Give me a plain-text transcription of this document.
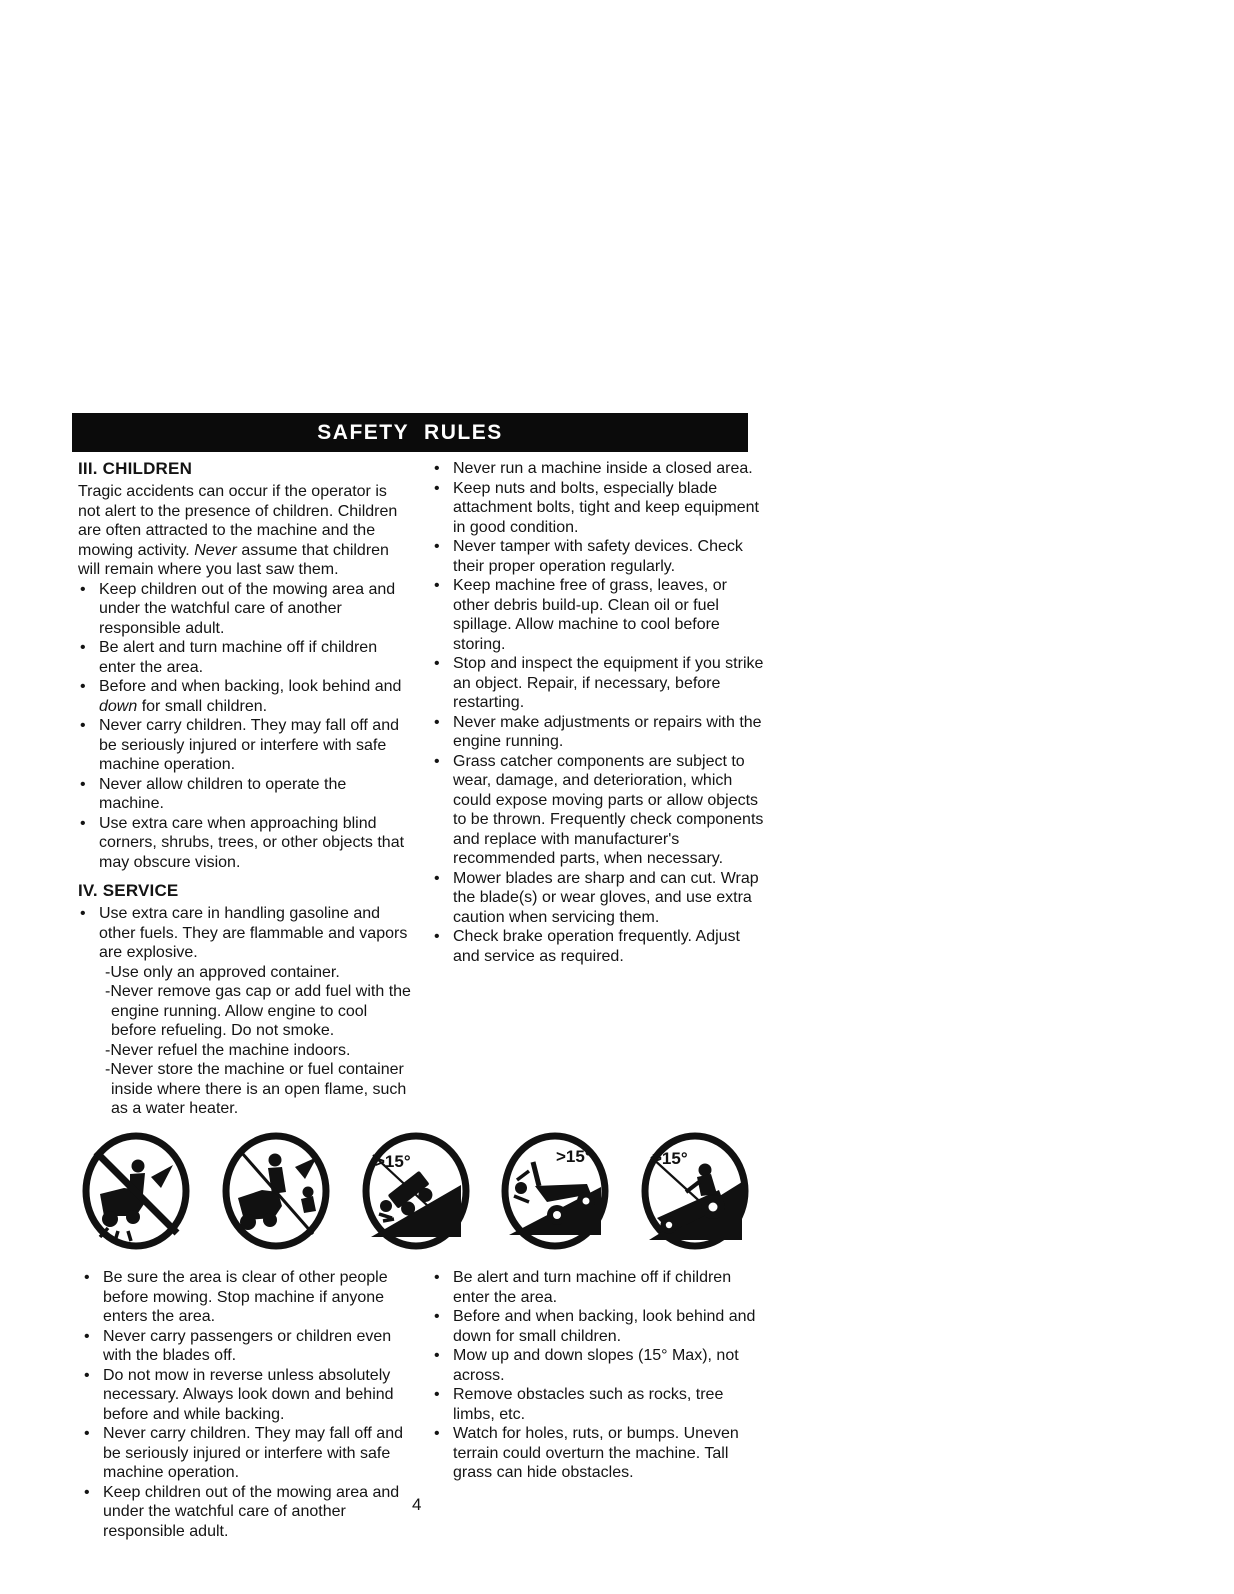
SAFETY RULES
III. CHILDREN

Tragic accidents can occur if the operator is not alert to the presence of children. Children are often attracted to the machine and the mowing activity. Never assume that children will remain where you last saw them.

• Keep children out of the mowing area and under the watchful care of another responsible adult.
• Be alert and turn machine off if children enter the area.
• Before and when backing, look behind and down for small children.
• Never carry children. They may fall off and be seriously injured or interfere with safe machine operation.
• Never allow children to operate the machine.
• Use extra care when approaching blind corners, shrubs, trees, or other objects that may obscure vision.
IV. SERVICE
• Use extra care in handling gasoline and other fuels. They are flammable and vapors are explosive.
-Use only an approved container.
-Never remove gas cap or add fuel with the engine running. Allow engine to cool before refueling. Do not smoke.
-Never refuel the machine indoors.
-Never store the machine or fuel container inside where there is an open flame, such as a water heater.
• Never run a machine inside a closed area.
• Keep nuts and bolts, especially blade attachment bolts, tight and keep equipment in good condition.
• Never tamper with safety devices. Check their proper operation regularly.
• Keep machine free of grass, leaves, or other debris build-up. Clean oil or fuel spillage. Allow machine to cool before storing.
• Stop and inspect the equipment if you strike an object. Repair, if necessary, before restarting.
• Never make adjustments or repairs with the engine running.
• Grass catcher components are subject to wear, damage, and deterioration, which could expose moving parts or allow objects to be thrown. Frequently check components and replace with manufacturer's recommended parts, when necessary.
• Mower blades are sharp and can cut. Wrap the blade(s) or wear gloves, and use extra caution when servicing them.
• Check brake operation frequently. Adjust and service as required.
>15°	>15°	>15°
• Be sure the area is clear of other people before mowing. Stop machine if anyone enters the area.
• Never carry passengers or children even with the blades off.
• Do not mow in reverse unless absolutely necessary. Always look down and behind before and while backing.
• Never carry children. They may fall off and be seriously injured or interfere with safe machine operation.
• Keep children out of the mowing area and under the watchful care of another responsible adult.
• Be alert and turn machine off if children enter the area.
• Before and when backing, look behind and down for small children.
• Mow up and down slopes (15° Max), not across.
• Remove obstacles such as rocks, tree limbs, etc.
• Watch for holes, ruts, or bumps. Uneven terrain could overturn the machine. Tall grass can hide obstacles.
4
